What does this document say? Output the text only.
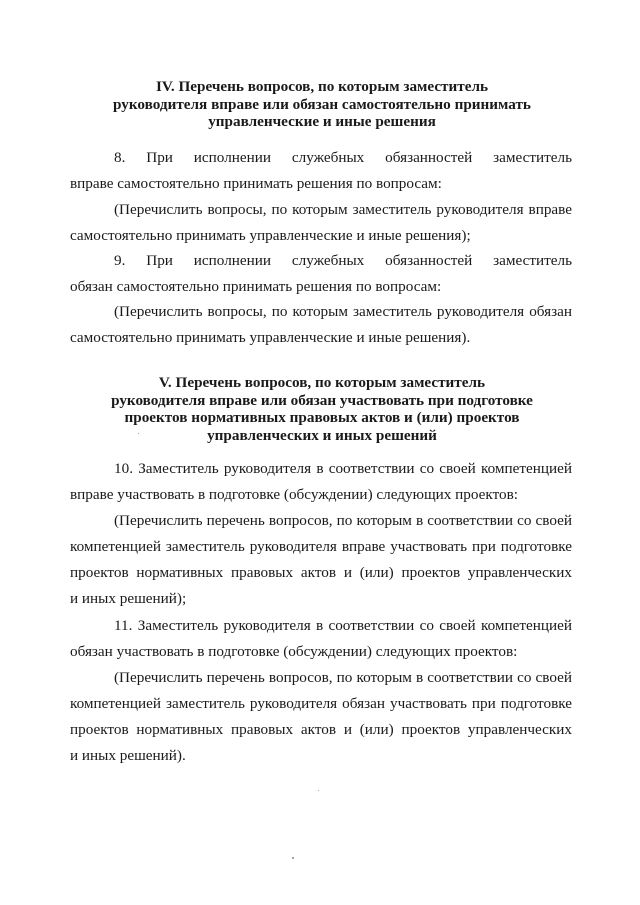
IV. Перечень вопросов, по которым заместитель
руководителя вправе или обязан самостоятельно принимать
управленческие и иные решения
8. При исполнении служебных обязанностей заместитель
вправе самостоятельно принимать решения по вопросам:
(Перечислить вопросы, по которым заместитель руководителя вправе
самостоятельно принимать управленческие и иные решения);
9. При исполнении служебных обязанностей заместитель
обязан самостоятельно принимать решения по вопросам:
(Перечислить вопросы, по которым заместитель руководителя обязан
самостоятельно принимать управленческие и иные решения).
V. Перечень вопросов, по которым заместитель
руководителя вправе или обязан участвовать при подготовке
проектов нормативных правовых актов и (или) проектов
управленческих и иных решений
10. Заместитель руководителя в соответствии со своей компетенцией
вправе участвовать в подготовке (обсуждении) следующих проектов:
(Перечислить перечень вопросов, по которым в соответствии со своей
компетенцией заместитель руководителя вправе участвовать при подготовке
проектов нормативных правовых актов и (или) проектов управленческих
и иных решений);
11. Заместитель руководителя в соответствии со своей компетенцией
обязан участвовать в подготовке (обсуждении) следующих проектов:
(Перечислить перечень вопросов, по которым в соответствии со своей
компетенцией заместитель руководителя обязан участвовать при подготовке
проектов нормативных правовых актов и (или) проектов управленческих
и иных решений).
